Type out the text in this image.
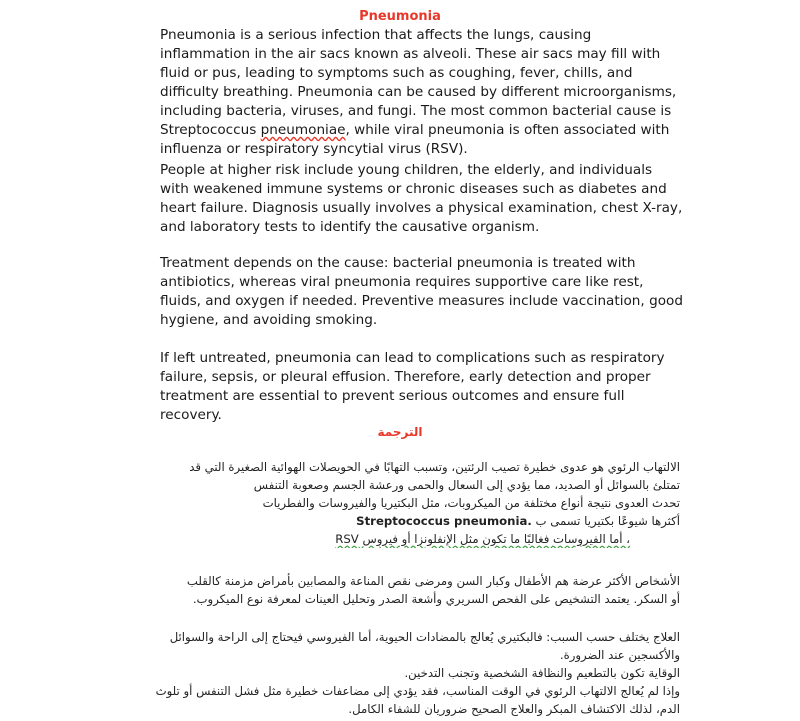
Pneumonia

Pneumonia is a serious infection that affects the lungs, causing inflammation in the air sacs known as alveoli. These air sacs may fill with fluid or pus, leading to symptoms such as coughing, fever, chills, and difficulty breathing. Pneumonia can be caused by different microorganisms, including bacteria, viruses, and fungi. The most common bacterial cause is Streptococcus pneumoniae, while viral pneumonia is often associated with influenza or respiratory syncytial virus (RSV).

People at higher risk include young children, the elderly, and individuals with weakened immune systems or chronic diseases such as diabetes and heart failure. Diagnosis usually involves a physical examination, chest X-ray, and laboratory tests to identify the causative organism.

Treatment depends on the cause: bacterial pneumonia is treated with antibiotics, whereas viral pneumonia requires supportive care like rest, fluids, and oxygen if needed. Preventive measures include vaccination, good hygiene, and avoiding smoking.

If left untreated, pneumonia can lead to complications such as respiratory failure, sepsis, or pleural effusion. Therefore, early detection and proper treatment are essential to prevent serious outcomes and ensure full recovery.

الترجمة

الالتهاب الرئوي هو عدوى خطيرة تصيب الرئتين، وتسبب التهابًا في الحويصلات الهوائية الصغيرة التي قد

تمتلئ بالسوائل أو الصديد، مما يؤدي إلى السعال والحمى ورعشة الجسم وصعوبة التنفس

تحدث العدوى نتيجة أنواع مختلفة من الميكروبات، مثل البكتيريا والفيروسات والفطريات

أكثرها شيوعًا بكتيريا تسمى ب Streptococcus pneumonia.

، أما الفيروسات فغالبًا ما تكون مثل الإنفلونزا أو فيروس RSV

الأشخاص الأكثر عرضة هم الأطفال وكبار السن ومرضى نقص المناعة والمصابين بأمراض مزمنة كالقلب

أو السكر. يعتمد التشخيص على الفحص السريري وأشعة الصدر وتحليل العينات لمعرفة نوع الميكروب.

العلاج يختلف حسب السبب: فالبكتيري يُعالج بالمضادات الحيوية، أما الفيروسي فيحتاج إلى الراحة والسوائل

والأكسجين عند الضرورة.

الوقاية تكون بالتطعيم والنظافة الشخصية وتجنب التدخين.

وإذا لم يُعالج الالتهاب الرئوي في الوقت المناسب، فقد يؤدي إلى مضاعفات خطيرة مثل فشل التنفس أو تلوث

الدم، لذلك الاكتشاف المبكر والعلاج الصحيح ضروريان للشفاء الكامل.
